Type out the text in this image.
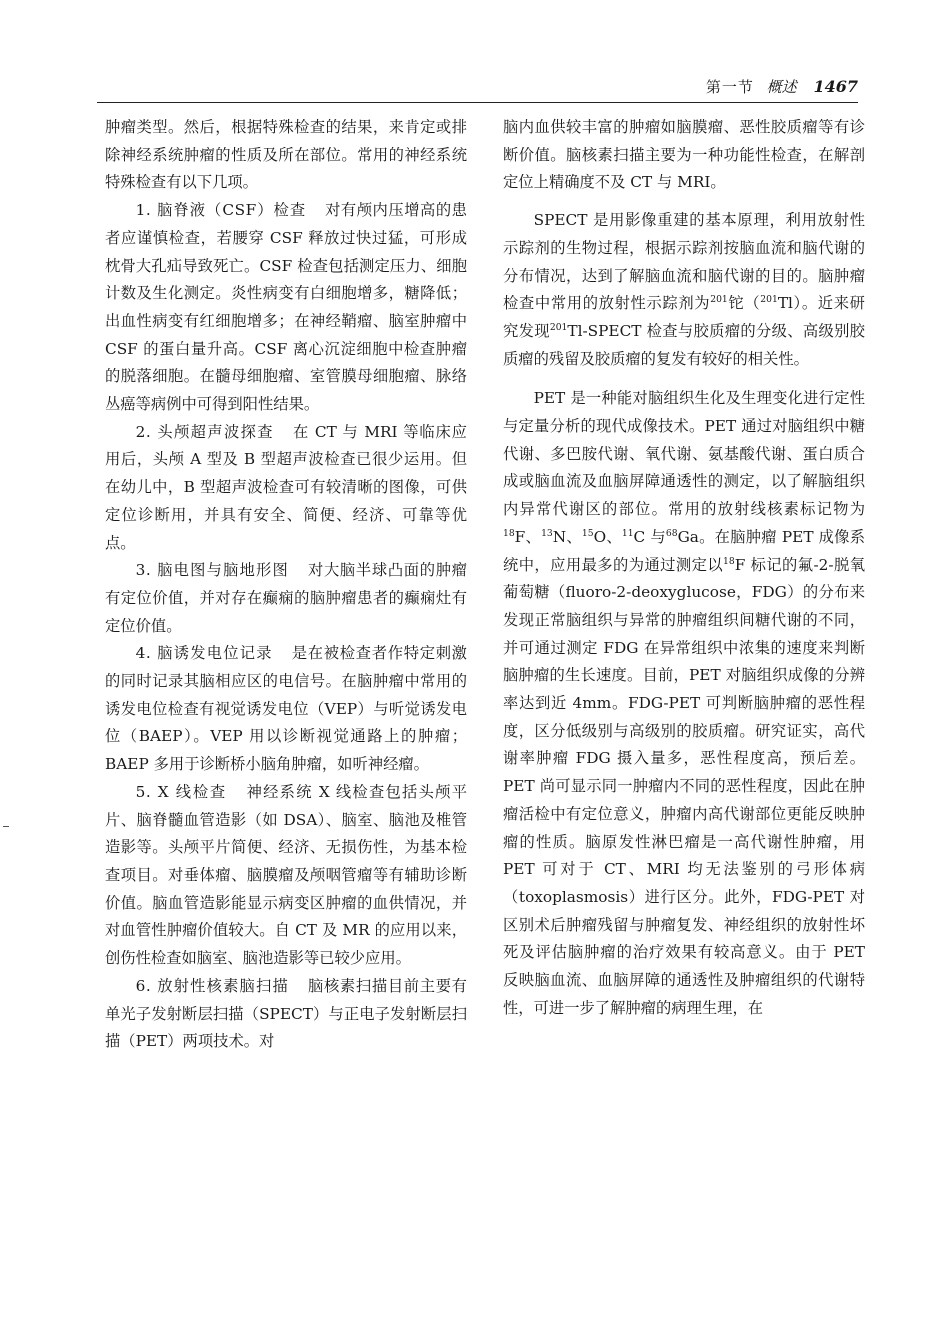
第一节 概述 1467

肿瘤类型。然后，根据特殊检查的结果，来肯定或排除神经系统肿瘤的性质及所在部位。常用的神经系统特殊检查有以下几项。

1. 脑脊液（CSF）检查 对有颅内压增高的患者应谨慎检查，若腰穿 CSF 释放过快过猛，可形成枕骨大孔疝导致死亡。CSF 检查包括测定压力、细胞计数及生化测定。炎性病变有白细胞增多，糖降低；出血性病变有红细胞增多；在神经鞘瘤、脑室肿瘤中 CSF 的蛋白量升高。CSF 离心沉淀细胞中检查肿瘤的脱落细胞。在髓母细胞瘤、室管膜母细胞瘤、脉络丛癌等病例中可得到阳性结果。

2. 头颅超声波探查 在 CT 与 MRI 等临床应用后，头颅 A 型及 B 型超声波检查已很少运用。但在幼儿中，B 型超声波检查可有较清晰的图像，可供定位诊断用，并具有安全、简便、经济、可靠等优点。

3. 脑电图与脑地形图 对大脑半球凸面的肿瘤有定位价值，并对存在癫痫的脑肿瘤患者的癫痫灶有定位价值。

4. 脑诱发电位记录 是在被检查者作特定刺激的同时记录其脑相应区的电信号。在脑肿瘤中常用的诱发电位检查有视觉诱发电位（VEP）与听觉诱发电位（BAEP）。VEP 用以诊断视觉通路上的肿瘤；BAEP 多用于诊断桥小脑角肿瘤，如听神经瘤。

5. X 线检查 神经系统 X 线检查包括头颅平片、脑脊髓血管造影（如 DSA）、脑室、脑池及椎管造影等。头颅平片简便、经济、无损伤性，为基本检查项目。对垂体瘤、脑膜瘤及颅咽管瘤等有辅助诊断价值。脑血管造影能显示病变区肿瘤的血供情况，并对血管性肿瘤价值较大。自 CT 及 MR 的应用以来，创伤性检查如脑室、脑池造影等已较少应用。

6. 放射性核素脑扫描 脑核素扫描目前主要有单光子发射断层扫描（SPECT）与正电子发射断层扫描（PET）两项技术。对

脑内血供较丰富的肿瘤如脑膜瘤、恶性胶质瘤等有诊断价值。脑核素扫描主要为一种功能性检查，在解剖定位上精确度不及 CT 与 MRI。

SPECT 是用影像重建的基本原理，利用放射性示踪剂的生物过程，根据示踪剂按脑血流和脑代谢的分布情况，达到了解脑血流和脑代谢的目的。脑肿瘤检查中常用的放射性示踪剂为$^{201}$铊（$^{201}$Tl）。近来研究发现$^{201}$Tl-SPECT 检查与胶质瘤的分级、高级别胶质瘤的残留及胶质瘤的复发有较好的相关性。

PET 是一种能对脑组织生化及生理变化进行定性与定量分析的现代成像技术。PET 通过对脑组织中糖代谢、多巴胺代谢、氧代谢、氨基酸代谢、蛋白质合成或脑血流及血脑屏障通透性的测定，以了解脑组织内异常代谢区的部位。常用的放射线核素标记物为$^{18}$F、$^{13}$N、$^{15}$O、$^{11}$C 与$^{68}$Ga。在脑肿瘤 PET 成像系统中，应用最多的为通过测定以$^{18}$F 标记的氟-2-脱氧葡萄糖（fluoro-2-deoxyglucose，FDG）的分布来发现正常脑组织与异常的肿瘤组织间糖代谢的不同，并可通过测定 FDG 在异常组织中浓集的速度来判断脑肿瘤的生长速度。目前，PET 对脑组织成像的分辨率达到近 4mm。FDG-PET 可判断脑肿瘤的恶性程度，区分低级别与高级别的胶质瘤。研究证实，高代谢率肿瘤 FDG 摄入量多，恶性程度高，预后差。PET 尚可显示同一肿瘤内不同的恶性程度，因此在肿瘤活检中有定位意义，肿瘤内高代谢部位更能反映肿瘤的性质。脑原发性淋巴瘤是一高代谢性肿瘤，用 PET 可对于 CT、MRI 均无法鉴别的弓形体病（toxoplasmosis）进行区分。此外，FDG-PET 对区别术后肿瘤残留与肿瘤复发、神经组织的放射性坏死及评估脑肿瘤的治疗效果有较高意义。由于 PET 反映脑血流、血脑屏障的通透性及肿瘤组织的代谢特性，可进一步了解肿瘤的病理生理，在
